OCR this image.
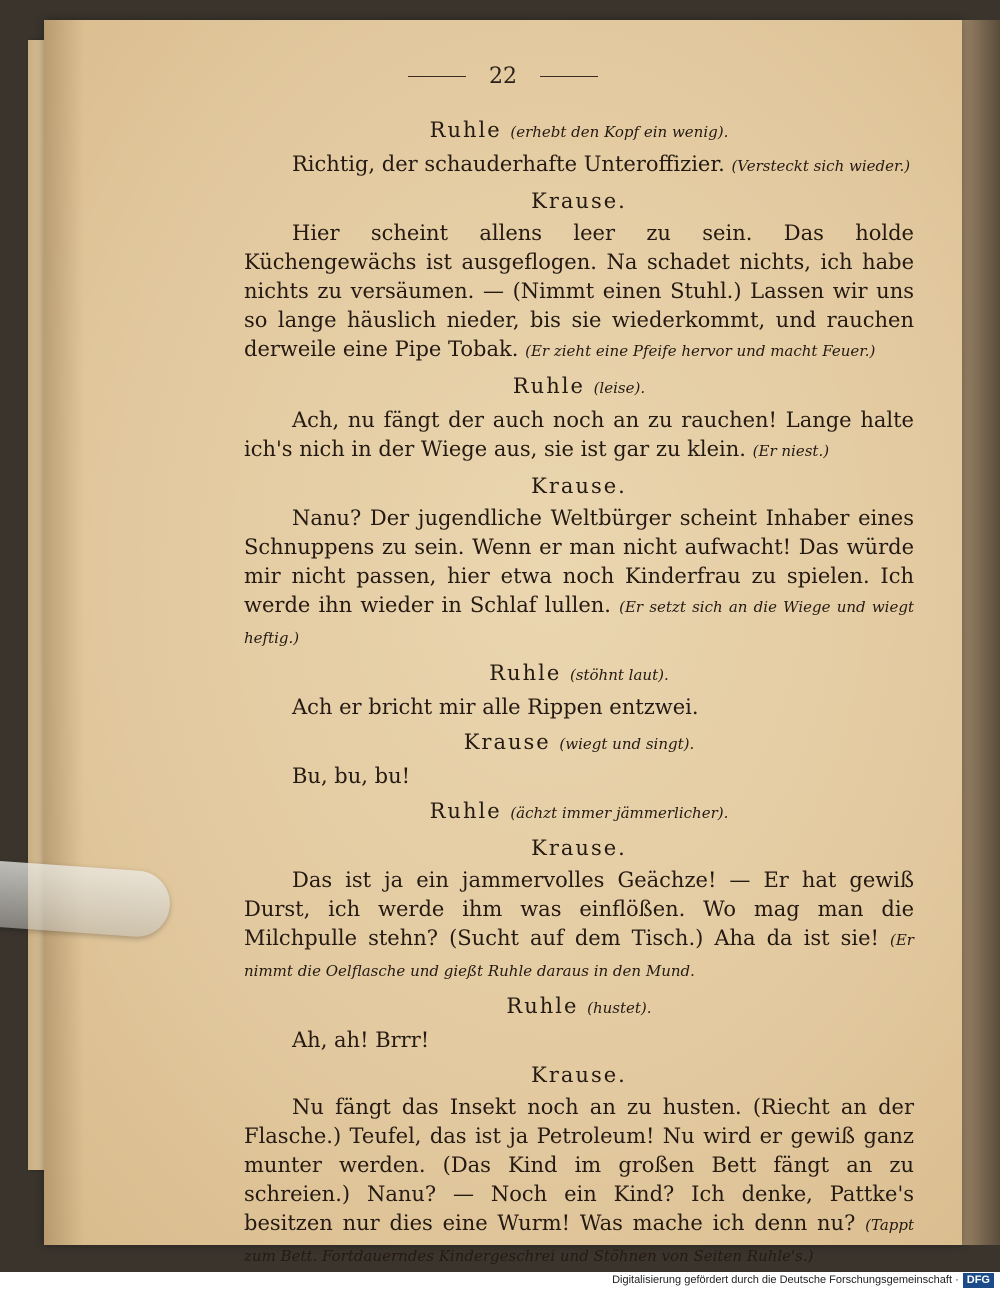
22
Ruhle (erhebt den Kopf ein wenig).

Richtig, der schauderhafte Unteroffizier. (Versteckt sich wieder.)

Krause.

Hier scheint allens leer zu sein. Das holde Küchengewächs ist ausgeflogen. Na schadet nichts, ich habe nichts zu versäumen. — (Nimmt einen Stuhl.) Lassen wir uns so lange häuslich nieder, bis sie wiederkommt, und rauchen derweile eine Pipe Tobak. (Er zieht eine Pfeife hervor und macht Feuer.)

Ruhle (leise).

Ach, nu fängt der auch noch an zu rauchen! Lange halte ich's nich in der Wiege aus, sie ist gar zu klein. (Er niest.)

Krause.

Nanu? Der jugendliche Weltbürger scheint Inhaber eines Schnuppens zu sein. Wenn er man nicht aufwacht! Das würde mir nicht passen, hier etwa noch Kinderfrau zu spielen. Ich werde ihn wieder in Schlaf lullen. (Er setzt sich an die Wiege und wiegt heftig.)

Ruhle (stöhnt laut).

Ach er bricht mir alle Rippen entzwei.

Krause (wiegt und singt).

Bu, bu, bu!

Ruhle (ächzt immer jämmerlicher).
Krause.

Das ist ja ein jammervolles Geächze! — Er hat gewiß Durst, ich werde ihm was einflößen. Wo mag man die Milchpulle stehn? (Sucht auf dem Tisch.) Aha da ist sie! (Er nimmt die Oelflasche und gießt Ruhle daraus in den Mund.

Ruhle (hustet).

Ah, ah! Brrr!

Krause.

Nu fängt das Insekt noch an zu husten. (Riecht an der Flasche.) Teufel, das ist ja Petroleum! Nu wird er gewiß ganz munter werden. (Das Kind im großen Bett fängt an zu schreien.) Nanu? — Noch ein Kind? Ich denke, Pattke's besitzen nur dies eine Wurm! Was mache ich denn nu? (Tappt zum Bett. Fortdauerndes Kindergeschrei und Stöhnen von Seiten Ruhle's.)

Digitalisierung gefördert durch die Deutsche Forschungsgemeinschaft · DFG
